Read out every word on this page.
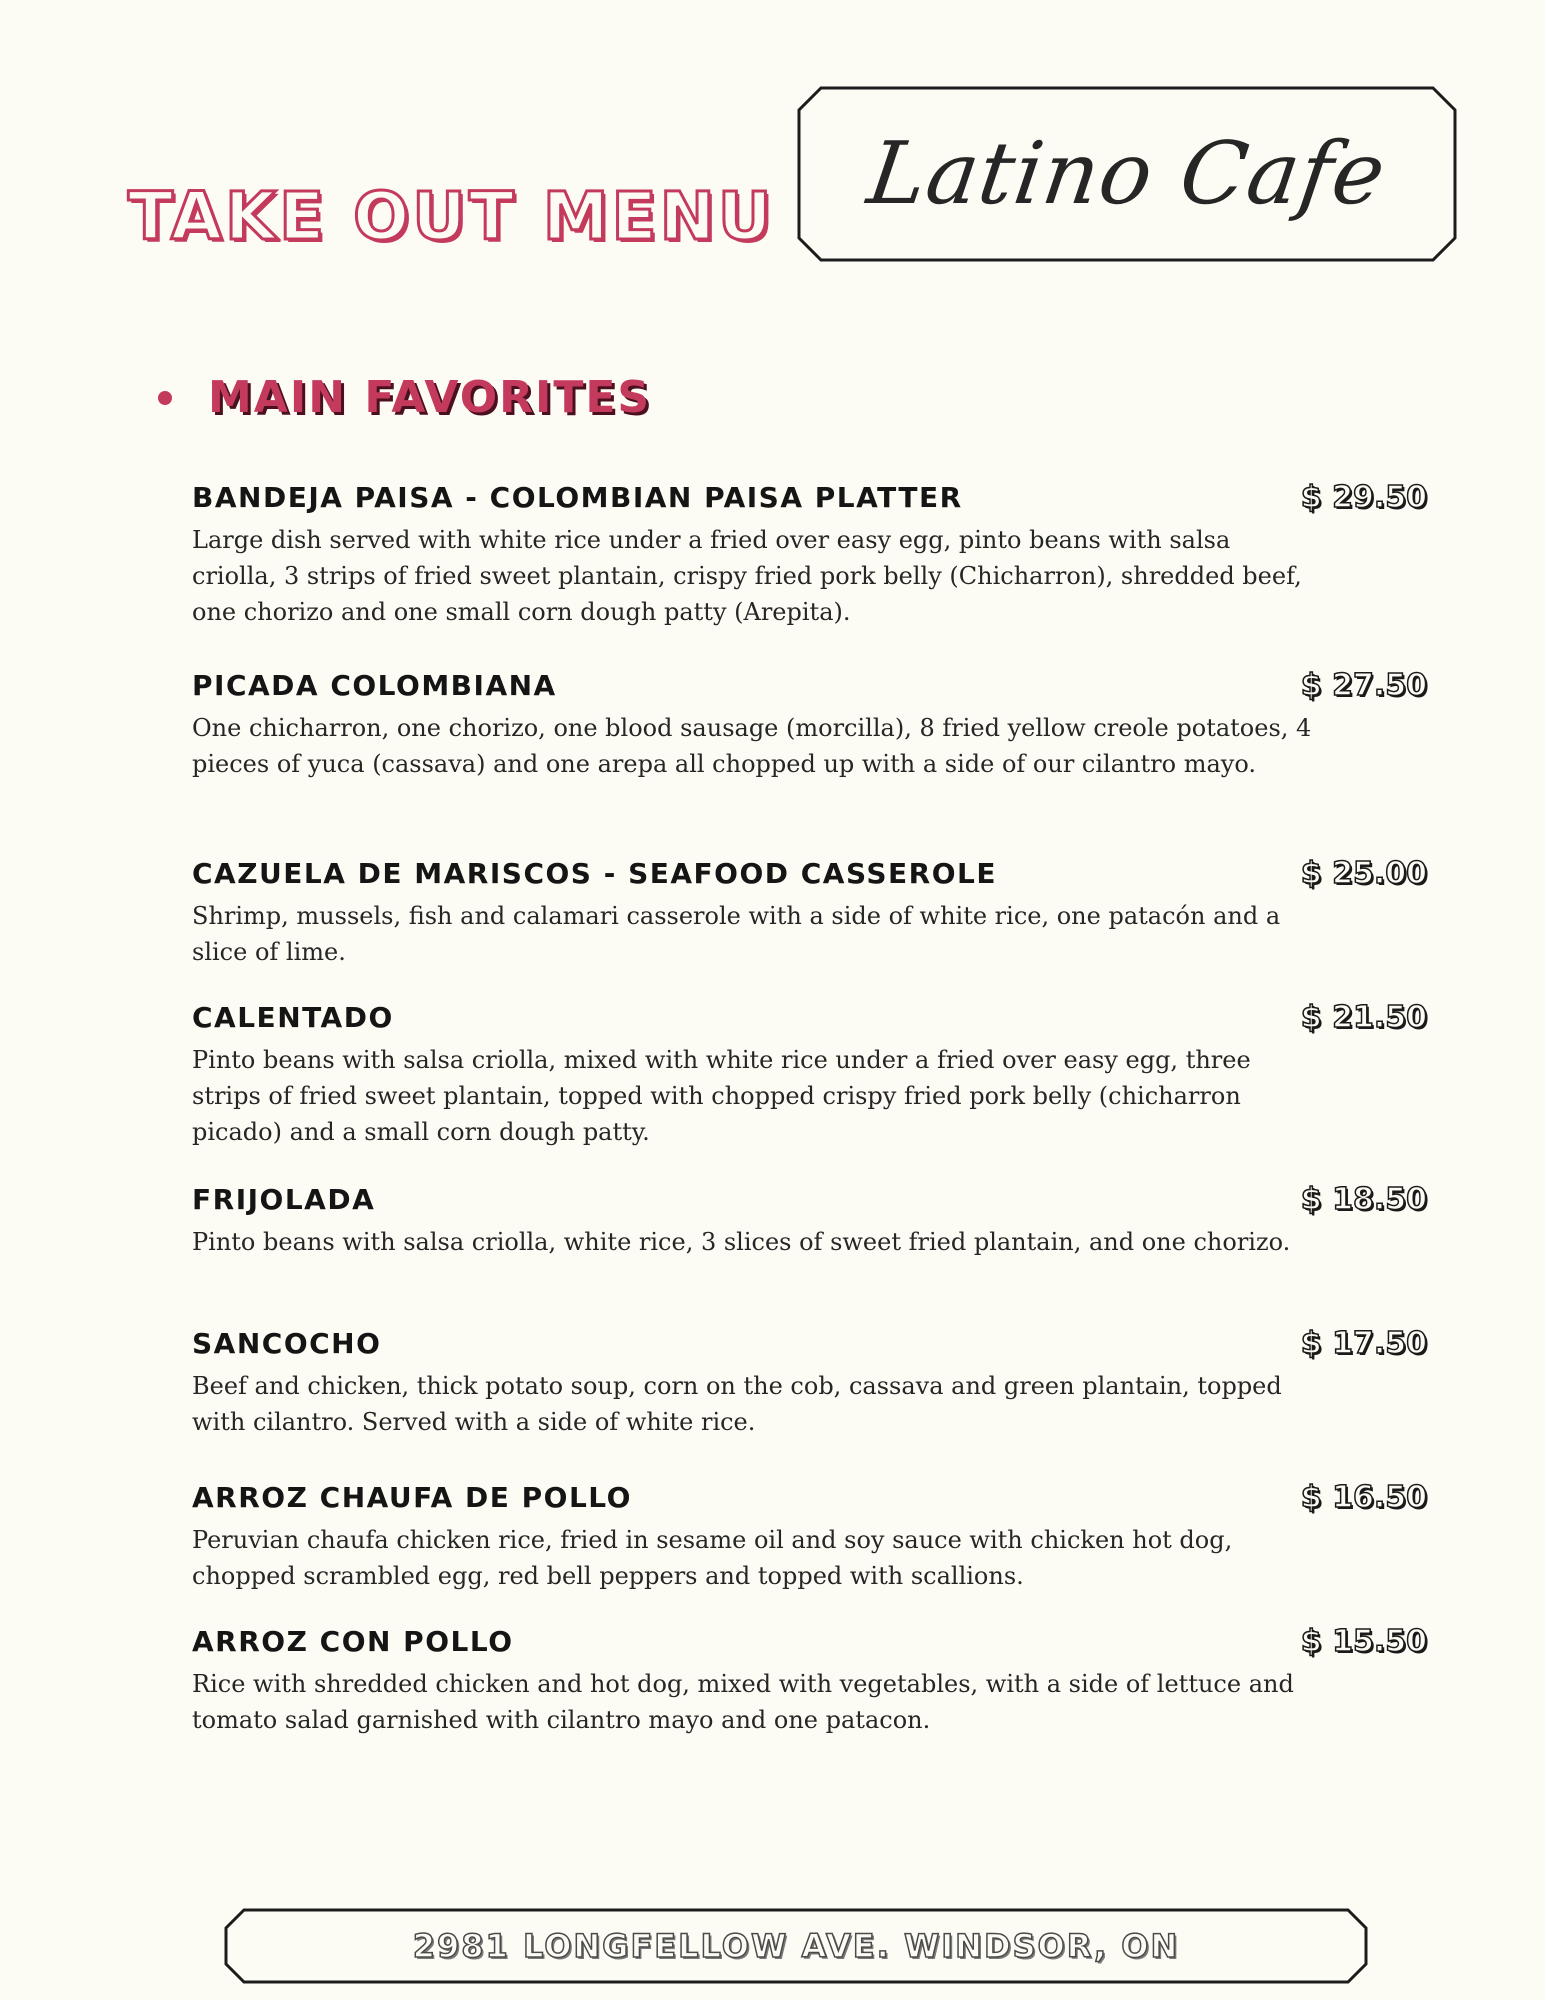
TAKE OUT MENU	Latino Cafe
MAIN FAVORITES
BANDEJA PAISA - COLOMBIAN PAISA PLATTER	$ 29.50
Large dish served with white rice under a fried over easy egg, pinto beans with salsa criolla, 3 strips of fried sweet plantain, crispy fried pork belly (Chicharron), shredded beef, one chorizo and one small corn dough patty (Arepita).
PICADA COLOMBIANA	$ 27.50
One chicharron, one chorizo, one blood sausage (morcilla), 8 fried yellow creole potatoes, 4 pieces of yuca (cassava) and one arepa all chopped up with a side of our cilantro mayo.
CAZUELA DE MARISCOS - SEAFOOD CASSEROLE	$ 25.00
Shrimp, mussels, fish and calamari casserole with a side of white rice, one patacón and a slice of lime.
CALENTADO	$ 21.50
Pinto beans with salsa criolla, mixed with white rice under a fried over easy egg, three strips of fried sweet plantain, topped with chopped crispy fried pork belly (chicharron picado) and a small corn dough patty.
FRIJOLADA	$ 18.50
Pinto beans with salsa criolla, white rice, 3 slices of sweet fried plantain, and one chorizo.
SANCOCHO	$ 17.50
Beef and chicken, thick potato soup, corn on the cob, cassava and green plantain, topped with cilantro. Served with a side of white rice.
ARROZ CHAUFA DE POLLO	$ 16.50
Peruvian chaufa chicken rice, fried in sesame oil and soy sauce with chicken hot dog, chopped scrambled egg, red bell peppers and topped with scallions.
ARROZ CON POLLO	$ 15.50
Rice with shredded chicken and hot dog, mixed with vegetables, with a side of lettuce and tomato salad garnished with cilantro mayo and one patacon.
2981 LONGFELLOW AVE. WINDSOR, ON
